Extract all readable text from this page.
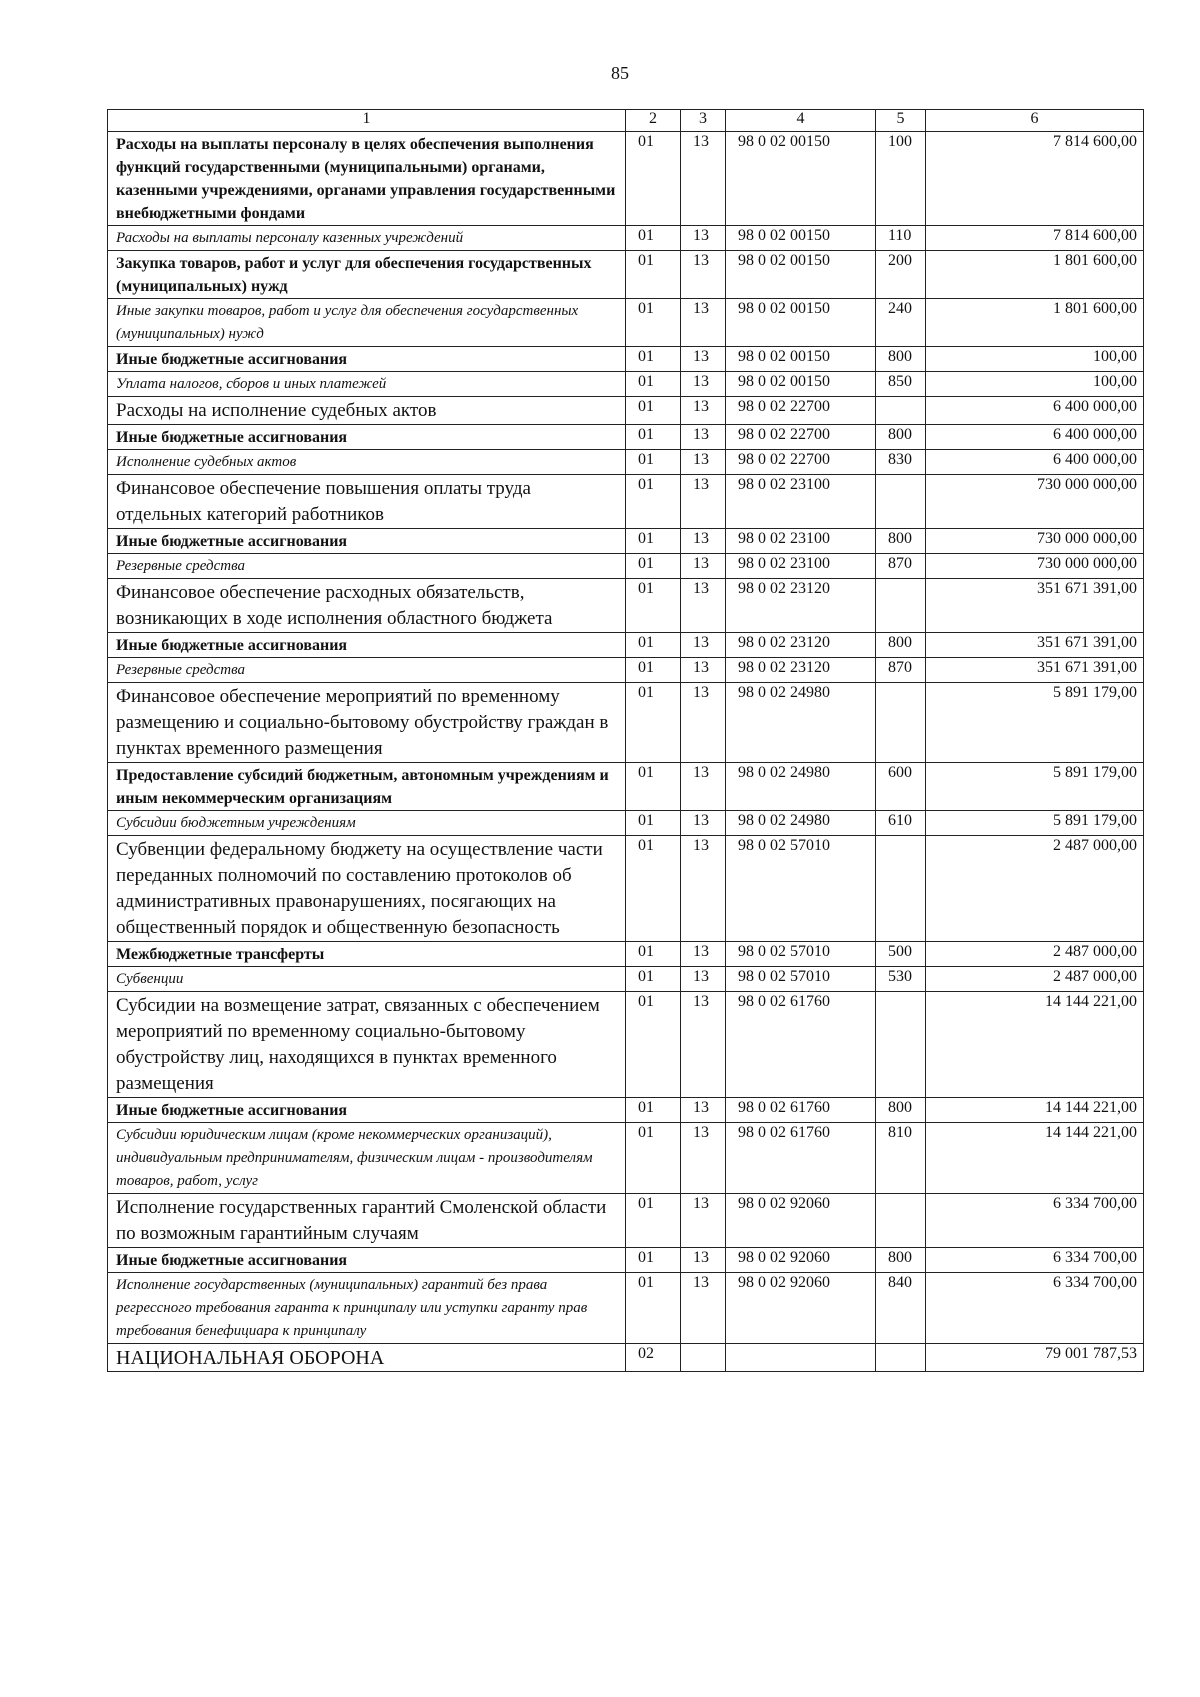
85
1	2	3	4	5	6
Расходы на выплаты персоналу в целях обеспечения выполнения функций государственными (муниципальными) органами, казенными учреждениями, органами управления государственными внебюджетными фондами	01	13	98 0 02 00150	100	7 814 600,00
Расходы на выплаты персоналу казенных учреждений	01	13	98 0 02 00150	110	7 814 600,00
Закупка товаров, работ и услуг для обеспечения государственных (муниципальных) нужд	01	13	98 0 02 00150	200	1 801 600,00
Иные закупки товаров, работ и услуг для обеспечения государственных (муниципальных) нужд	01	13	98 0 02 00150	240	1 801 600,00
Иные бюджетные ассигнования	01	13	98 0 02 00150	800	100,00
Уплата налогов, сборов и иных платежей	01	13	98 0 02 00150	850	100,00
Расходы на исполнение судебных актов	01	13	98 0 02 22700		6 400 000,00
Иные бюджетные ассигнования	01	13	98 0 02 22700	800	6 400 000,00
Исполнение судебных актов	01	13	98 0 02 22700	830	6 400 000,00
Финансовое обеспечение повышения оплаты труда отдельных категорий работников	01	13	98 0 02 23100		730 000 000,00
Иные бюджетные ассигнования	01	13	98 0 02 23100	800	730 000 000,00
Резервные средства	01	13	98 0 02 23100	870	730 000 000,00
Финансовое обеспечение расходных обязательств, возникающих в ходе исполнения областного бюджета	01	13	98 0 02 23120		351 671 391,00
Иные бюджетные ассигнования	01	13	98 0 02 23120	800	351 671 391,00
Резервные средства	01	13	98 0 02 23120	870	351 671 391,00
Финансовое обеспечение мероприятий по временному размещению и социально-бытовому обустройству граждан в пунктах временного размещения	01	13	98 0 02 24980		5 891 179,00
Предоставление субсидий бюджетным, автономным учреждениям и иным некоммерческим организациям	01	13	98 0 02 24980	600	5 891 179,00
Субсидии бюджетным учреждениям	01	13	98 0 02 24980	610	5 891 179,00
Субвенции федеральному бюджету на осуществление части переданных полномочий по составлению протоколов об административных правонарушениях, посягающих на общественный порядок и общественную безопасность	01	13	98 0 02 57010		2 487 000,00
Межбюджетные трансферты	01	13	98 0 02 57010	500	2 487 000,00
Субвенции	01	13	98 0 02 57010	530	2 487 000,00
Субсидии на возмещение затрат, связанных с обеспечением мероприятий по временному социально-бытовому обустройству лиц, находящихся в пунктах временного размещения	01	13	98 0 02 61760		14 144 221,00
Иные бюджетные ассигнования	01	13	98 0 02 61760	800	14 144 221,00
Субсидии юридическим лицам (кроме некоммерческих организаций), индивидуальным предпринимателям, физическим лицам - производителям товаров, работ, услуг	01	13	98 0 02 61760	810	14 144 221,00
Исполнение государственных гарантий Смоленской области по возможным гарантийным случаям	01	13	98 0 02 92060		6 334 700,00
Иные бюджетные ассигнования	01	13	98 0 02 92060	800	6 334 700,00
Исполнение государственных (муниципальных) гарантий без права регрессного требования гаранта к принципалу или уступки гаранту прав требования бенефициара к принципалу	01	13	98 0 02 92060	840	6 334 700,00
НАЦИОНАЛЬНАЯ ОБОРОНА	02				79 001 787,53
